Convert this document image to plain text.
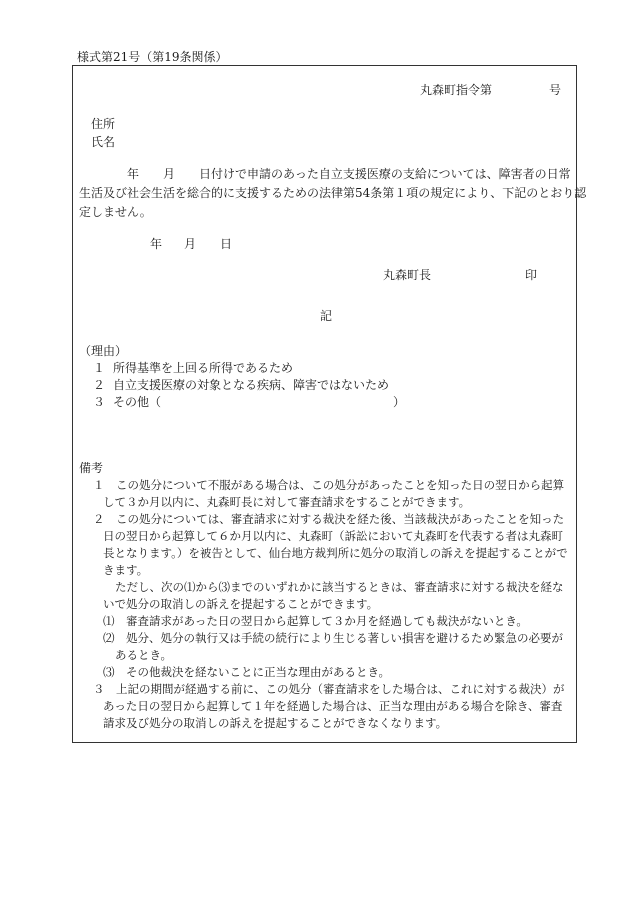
様式第21号（第19条関係）
丸森町指令第	号
住所
氏名
　　　　年　　月　　日付けで申請のあった自立支援医療の支給については、障害者の日常
生活及び社会生活を総合的に支援するための法律第54条第１項の規定により、下記のとおり認
定しません。
年 月 日
丸森町長	印
記
（理由）
１ 所得基準を上回る所得であるため
２ 自立支援医療の対象となる疾病、障害ではないため
３ その他（	）
備考
１　この処分について不服がある場合は、この処分があったことを知った日の翌日から起算
して３か月以内に、丸森町長に対して審査請求をすることができます。
２　この処分については、審査請求に対する裁決を経た後、当該裁決があったことを知った
日の翌日から起算して６か月以内に、丸森町（訴訟において丸森町を代表する者は丸森町
長となります。）を被告として、仙台地方裁判所に処分の取消しの訴えを提起することがで
きます。
ただし、次の⑴から⑶までのいずれかに該当するときは、審査請求に対する裁決を経な
いで処分の取消しの訴えを提起することができます。
⑴　審査請求があった日の翌日から起算して３か月を経過しても裁決がないとき。
⑵　処分、処分の執行又は手続の続行により生じる著しい損害を避けるため緊急の必要が
あるとき。
⑶　その他裁決を経ないことに正当な理由があるとき。
３　上記の期間が経過する前に、この処分（審査請求をした場合は、これに対する裁決）が
あった日の翌日から起算して１年を経過した場合は、正当な理由がある場合を除き、審査
請求及び処分の取消しの訴えを提起することができなくなります。
